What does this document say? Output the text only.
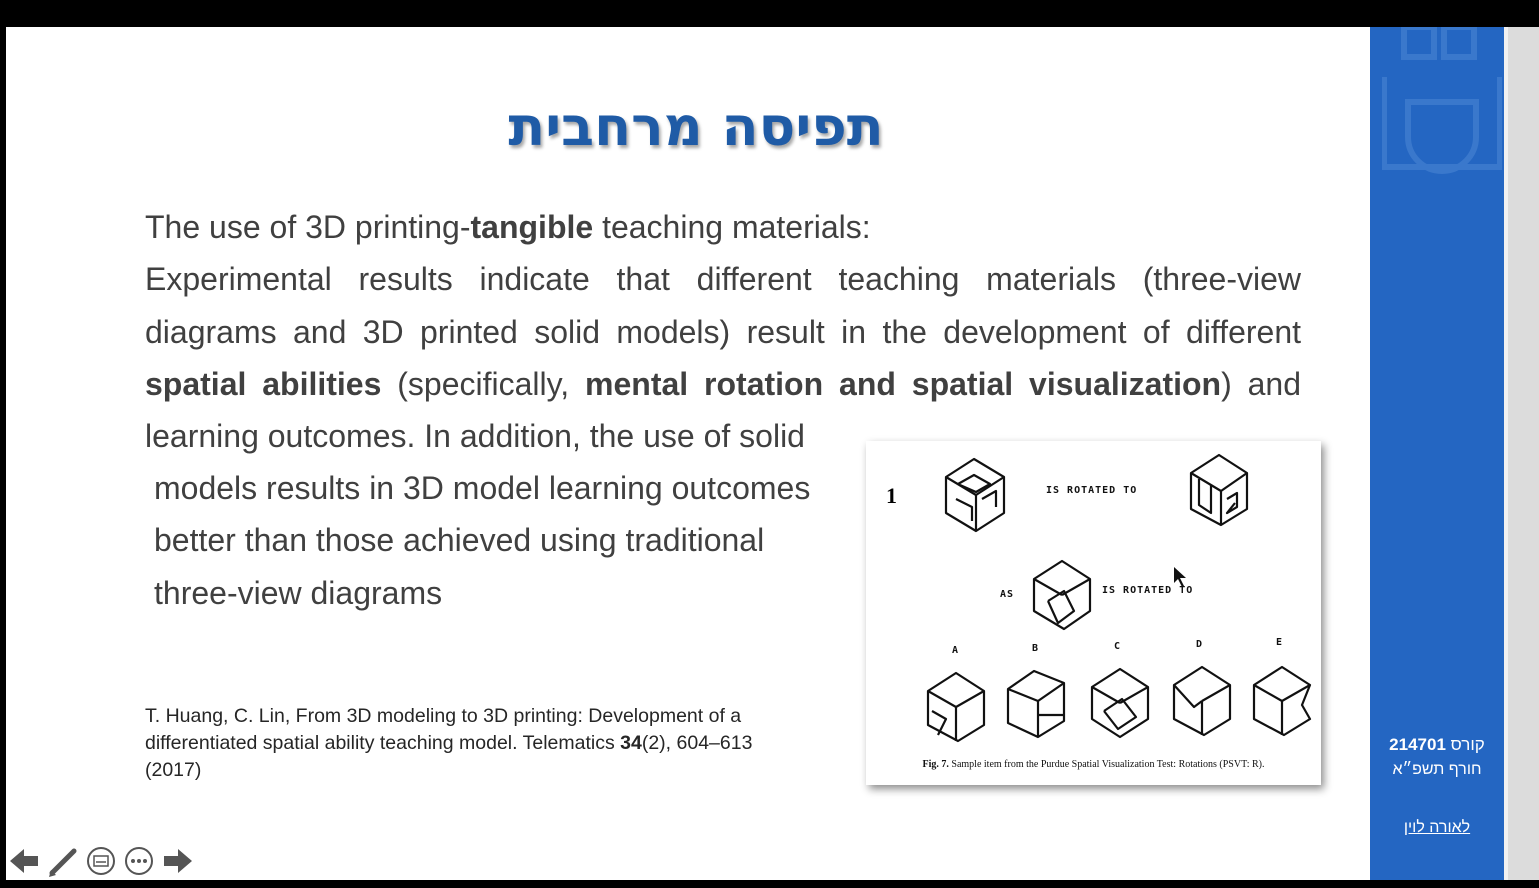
תפיסה מרחבית
The use of 3D printing-tangible teaching materials:
Experimental results indicate that different teaching materials (three-view
diagrams and 3D printed solid models) result in the development of different
spatial abilities (specifically, mental rotation and spatial visualization) and
learning outcomes. In addition, the use of solid
models results in 3D model learning outcomes
better than those achieved using traditional
three-view diagrams
T. Huang, C. Lin, From 3D modeling to 3D printing: Development of a
differentiated spatial ability teaching model. Telematics 34(2), 604–613
(2017)
1	IS ROTATED TO
AS	IS ROTATED TO
A	B	C	D	E
Fig. 7. Sample item from the Purdue Spatial Visualization Test: Rotations (PSVT: R).
קורס 214701
חורף תשפ״א
לאורה לוין
